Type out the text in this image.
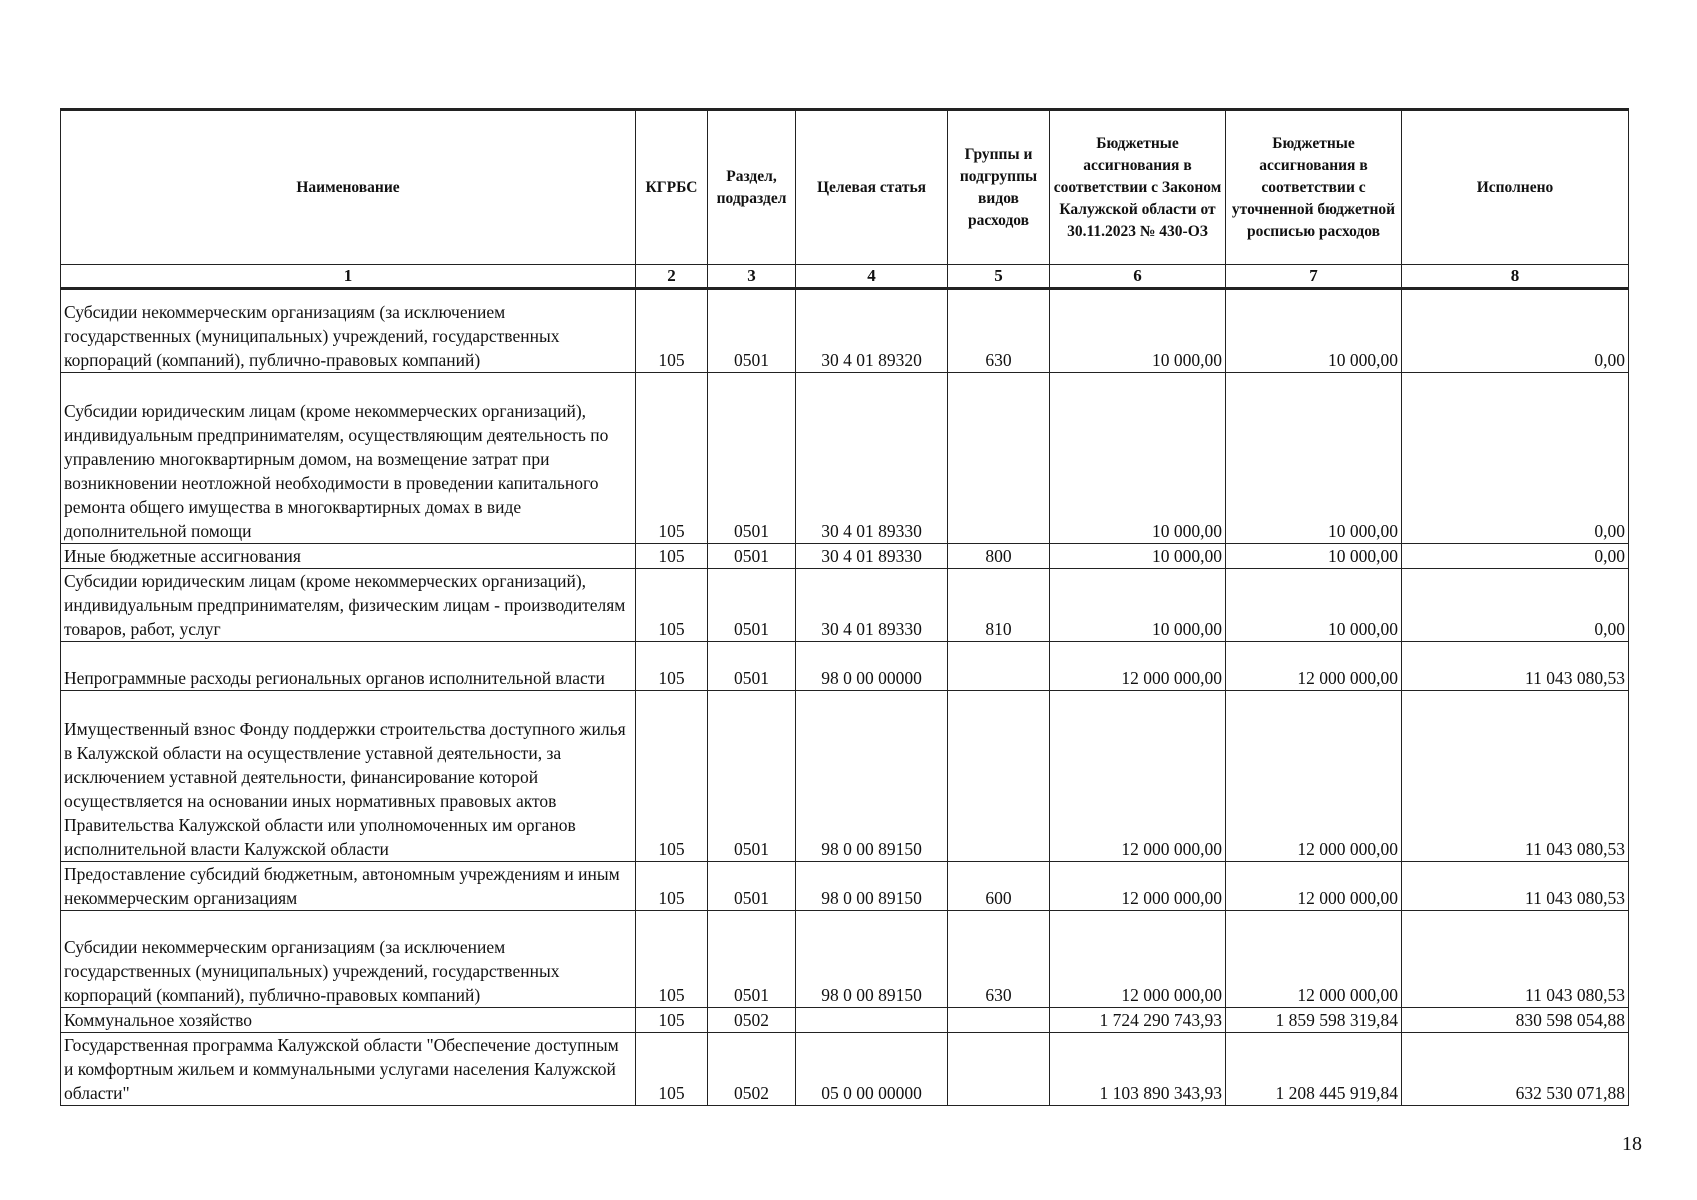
Наименование	КГРБС	Раздел, подраздел	Целевая статья	Группы и подгруппы видов расходов	Бюджетные ассигнования в соответствии с Законом Калужской области от 30.11.2023 № 430-ОЗ	Бюджетные ассигнования в соответствии с уточненной бюджетной росписью расходов	Исполнено
1	2	3	4	5	6	7	8
Субсидии некоммерческим организациям (за исключением государственных (муниципальных) учреждений, государственных корпораций (компаний), публично-правовых компаний)	105	0501	30 4 01 89320	630	10 000,00	10 000,00	0,00
Субсидии юридическим лицам (кроме некоммерческих организаций), индивидуальным предпринимателям, осуществляющим деятельность по управлению многоквартирным домом, на возмещение затрат при возникновении неотложной необходимости в проведении капитального ремонта общего имущества в многоквартирных домах в виде дополнительной помощи	105	0501	30 4 01 89330		10 000,00	10 000,00	0,00
Иные бюджетные ассигнования	105	0501	30 4 01 89330	800	10 000,00	10 000,00	0,00
Субсидии юридическим лицам (кроме некоммерческих организаций), индивидуальным предпринимателям, физическим лицам - производителям товаров, работ, услуг	105	0501	30 4 01 89330	810	10 000,00	10 000,00	0,00
Непрограммные расходы региональных органов исполнительной власти	105	0501	98 0 00 00000		12 000 000,00	12 000 000,00	11 043 080,53
Имущественный взнос Фонду поддержки строительства доступного жилья в Калужской области на осуществление уставной деятельности, за исключением уставной деятельности, финансирование которой осуществляется на основании иных нормативных правовых актов Правительства Калужской области или уполномоченных им органов исполнительной власти Калужской области	105	0501	98 0 00 89150		12 000 000,00	12 000 000,00	11 043 080,53
Предоставление субсидий бюджетным, автономным учреждениям и иным некоммерческим организациям	105	0501	98 0 00 89150	600	12 000 000,00	12 000 000,00	11 043 080,53
Субсидии некоммерческим организациям (за исключением государственных (муниципальных) учреждений, государственных корпораций (компаний), публично-правовых компаний)	105	0501	98 0 00 89150	630	12 000 000,00	12 000 000,00	11 043 080,53
Коммунальное хозяйство	105	0502			1 724 290 743,93	1 859 598 319,84	830 598 054,88
Государственная программа Калужской области "Обеспечение доступным и комфортным жильем и коммунальными услугами населения Калужской области"	105	0502	05 0 00 00000		1 103 890 343,93	1 208 445 919,84	632 530 071,88
18
